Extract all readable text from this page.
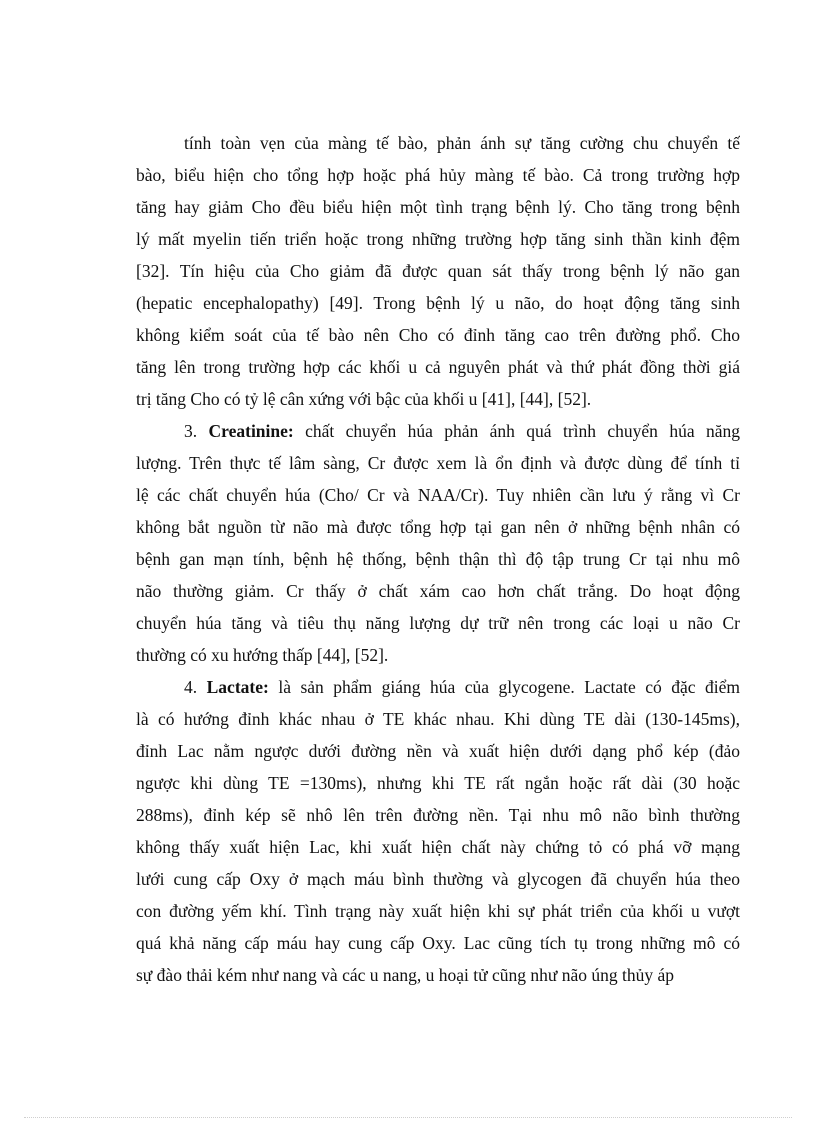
tính toàn vẹn của màng tế bào, phản ánh sự tăng cường chu chuyển tế
bào, biểu hiện cho tổng hợp hoặc phá hủy màng tế bào. Cả trong trường hợp
tăng hay giảm Cho đều biểu hiện một tình trạng bệnh lý. Cho tăng trong bệnh
lý mất myelin tiến triển hoặc trong những trường hợp tăng sinh thần kinh đệm
[32]. Tín hiệu của Cho giảm đã được quan sát thấy trong bệnh lý não gan
(hepatic encephalopathy) [49]. Trong bệnh lý u não, do hoạt động tăng sinh
không kiểm soát của tế bào nên Cho có đỉnh tăng cao trên đường phổ. Cho
tăng lên trong trường hợp các khối u cả nguyên phát và thứ phát đồng thời giá
trị tăng Cho có tỷ lệ cân xứng với bậc của khối u [41], [44], [52].
3. Creatinine: chất chuyển húa phản ánh quá trình chuyển húa năng
lượng. Trên thực tế lâm sàng, Cr được xem là ổn định và được dùng để tính tỉ
lệ các chất chuyển húa (Cho/ Cr và NAA/Cr). Tuy nhiên cần lưu ý rằng vì Cr
không bắt nguồn từ não mà được tổng hợp tại gan nên ở những bệnh nhân có
bệnh gan mạn tính, bệnh hệ thống, bệnh thận thì độ tập trung Cr tại nhu mô
não thường giảm. Cr thấy ở chất xám cao hơn chất trắng. Do hoạt động
chuyển húa tăng và tiêu thụ năng lượng dự trữ nên trong các loại u não Cr
thường có xu hướng thấp [44], [52].
4. Lactate: là sản phẩm giáng húa của glycogene. Lactate có đặc điểm
là có hướng đỉnh khác nhau ở TE khác nhau. Khi dùng TE dài (130-145ms),
đỉnh Lac nằm ngược dưới đường nền và xuất hiện dưới dạng phổ kép (đảo
ngược khi dùng TE =130ms), nhưng khi TE rất ngắn hoặc rất dài (30 hoặc
288ms), đỉnh kép sẽ nhô lên trên đường nền. Tại nhu mô não bình thường
không thấy xuất hiện Lac, khi xuất hiện chất này chứng tỏ có phá vỡ mạng
lưới cung cấp Oxy ở mạch máu bình thường và glycogen đã chuyển húa theo
con đường yếm khí. Tình trạng này xuất hiện khi sự phát triển của khối u vượt
quá khả năng cấp máu hay cung cấp Oxy. Lac cũng tích tụ trong những mô có
sự đào thải kém như nang và các u nang, u hoại tử cũng như não úng thủy áp
